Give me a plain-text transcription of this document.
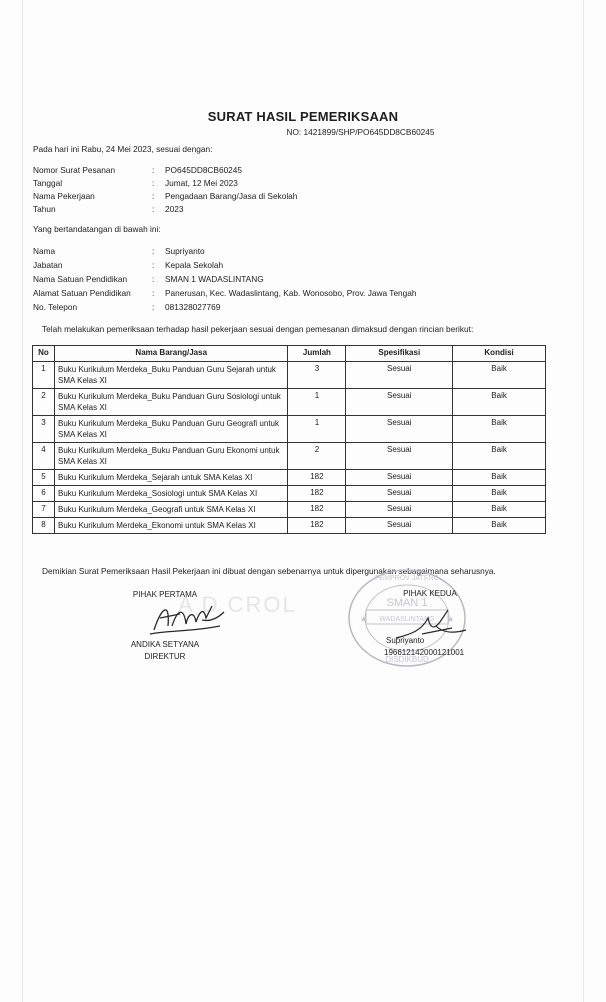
SURAT HASIL PEMERIKSAAN
NO: 1421899/SHP/PO645DD8CB60245
Pada hari ini Rabu, 24 Mei 2023, sesuai dengan:
Nomor Surat Pesanan	: PO645DD8CB60245
Tanggal	: Jumat, 12 Mei 2023
Nama Pekerjaan	: Pengadaan Barang/Jasa di Sekolah
Tahun	: 2023
Yang bertandatangan di bawah ini:
Nama	: Supriyanto
Jabatan	: Kepala Sekolah
Nama Satuan Pendidikan	: SMAN 1 WADASLINTANG
Alamat Satuan Pendidikan	: Panerusan, Kec. Wadaslintang, Kab. Wonosobo, Prov. Jawa Tengah
No. Telepon	: 081328027769
Telah melakukan pemeriksaan terhadap hasil pekerjaan sesuai dengan pemesanan dimaksud dengan rincian berikut:
No	Nama Barang/Jasa	Jumlah	Spesifikasi	Kondisi
1	Buku Kurikulum Merdeka_Buku Panduan Guru Sejarah untuk SMA Kelas XI	3	Sesuai	Baik
2	Buku Kurikulum Merdeka_Buku Panduan Guru Sosiologi untuk SMA Kelas XI	1	Sesuai	Baik
3	Buku Kurikulum Merdeka_Buku Panduan Guru Geografi untuk SMA Kelas XI	1	Sesuai	Baik
4	Buku Kurikulum Merdeka_Buku Panduan Guru Ekonomi untuk SMA Kelas XI	2	Sesuai	Baik
5	Buku Kurikulum Merdeka_Sejarah untuk SMA Kelas XI	182	Sesuai	Baik
6	Buku Kurikulum Merdeka_Sosiologi untuk SMA Kelas XI	182	Sesuai	Baik
7	Buku Kurikulum Merdeka_Geografi untuk SMA Kelas XI	182	Sesuai	Baik
8	Buku Kurikulum Merdeka_Ekonomi untuk SMA Kelas XI	182	Sesuai	Baik
Demikian Surat Pemeriksaan Hasil Pekerjaan ini dibuat dengan sebenarnya untuk dipergunakan sebagaimana seharusnya.
A D CROL
PIHAK PERTAMA
ANDIKA SETYANA
DIREKTUR
SMAN 1
WADASLINTANG
PEMPROV JATENG
DISDIKBUD
★	★
PIHAK KEDUA
Supriyanto
196612142000121001
